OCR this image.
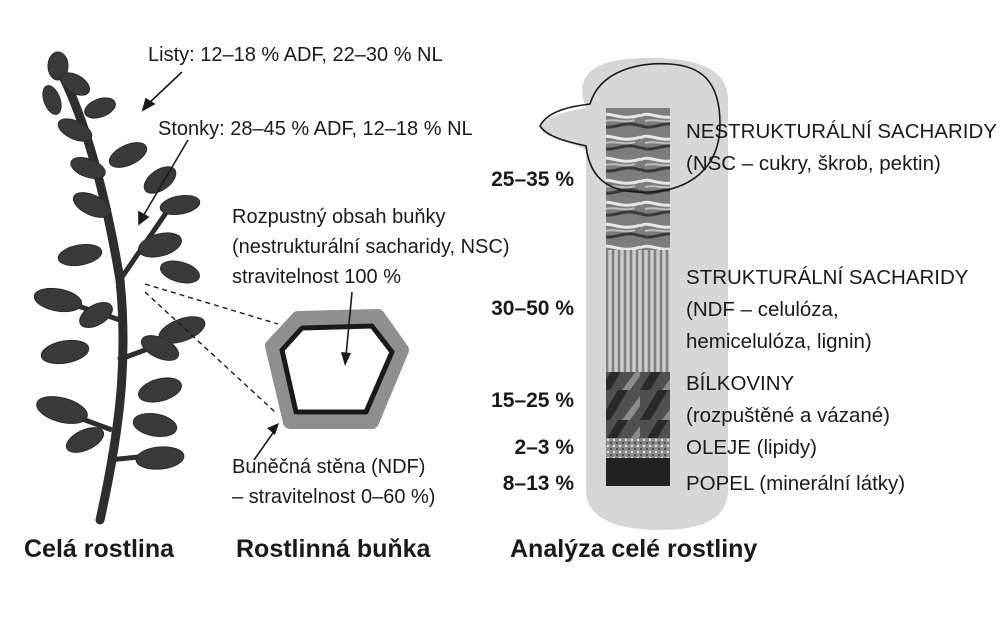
Listy: 12–18 % ADF, 22–30 % NL
Stonky: 28–45 % ADF, 12–18 % NL
Rozpustný obsah buňky
(nestrukturální sacharidy, NSC)
stravitelnost 100 %
Buněčná stěna (NDF)
– stravitelnost 0–60 %)
25–35 %
30–50 %
15–25 %
2–3 %
8–13 %
NESTRUKTURÁLNÍ SACHARIDY
(NSC – cukry, škrob, pektin)
STRUKTURÁLNÍ SACHARIDY
(NDF – celulóza,
hemicelulóza, lignin)
BÍLKOVINY
(rozpuštěné a vázané)
OLEJE (lipidy)
POPEL (minerální látky)
Celá rostlina Rostlinná buňka	Analýza celé rostliny
